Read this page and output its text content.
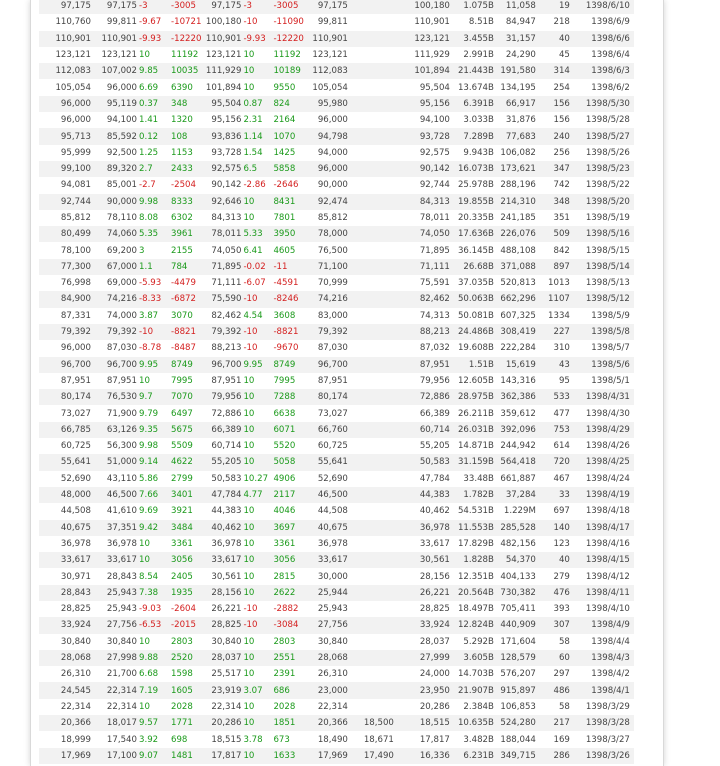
97,175	97,175	-3	-3005	97,175	-3	-3005	97,175		100,180	1.075B	11,058	19	1398/6/10
110,760	99,811	-9.67	-10721	100,180	-10	-11090	99,811		110,901	8.51B	84,947	218	1398/6/9
110,901	110,901	-9.93	-12220	110,901	-9.93	-12220	110,901		123,121	3.455B	31,157	40	1398/6/6
123,121	123,121	10	11192	123,121	10	11192	123,121		111,929	2.991B	24,290	45	1398/6/4
112,083	107,002	9.85	10035	111,929	10	10189	112,083		101,894	21.443B	191,580	314	1398/6/3
105,054	96,000	6.69	6390	101,894	10	9550	105,054		95,504	13.674B	134,195	254	1398/6/2
96,000	95,119	0.37	348	95,504	0.87	824	95,980		95,156	6.391B	66,917	156	1398/5/30
96,000	94,100	1.41	1320	95,156	2.31	2164	96,000		94,100	3.033B	31,876	156	1398/5/28
95,713	85,592	0.12	108	93,836	1.14	1070	94,798		93,728	7.289B	77,683	240	1398/5/27
95,999	92,500	1.25	1153	93,728	1.54	1425	94,000		92,575	9.943B	106,082	256	1398/5/26
99,100	89,320	2.7	2433	92,575	6.5	5858	96,000		90,142	16.073B	173,621	347	1398/5/23
94,081	85,001	-2.7	-2504	90,142	-2.86	-2646	90,000		92,744	25.978B	288,196	742	1398/5/22
92,744	90,000	9.98	8333	92,646	10	8431	92,474		84,313	19.855B	214,310	348	1398/5/20
85,812	78,110	8.08	6302	84,313	10	7801	85,812		78,011	20.335B	241,185	351	1398/5/19
80,499	74,060	5.35	3961	78,011	5.33	3950	78,000		74,050	17.636B	226,076	509	1398/5/16
78,100	69,200	3	2155	74,050	6.41	4605	76,500		71,895	36.145B	488,108	842	1398/5/15
77,300	67,000	1.1	784	71,895	-0.02	-11	71,100		71,111	26.68B	371,088	897	1398/5/14
76,998	69,000	-5.93	-4479	71,111	-6.07	-4591	70,999		75,591	37.035B	520,813	1013	1398/5/13
84,900	74,216	-8.33	-6872	75,590	-10	-8246	74,216		82,462	50.063B	662,296	1107	1398/5/12
87,331	74,000	3.87	3070	82,462	4.54	3608	83,000		74,313	50.081B	607,325	1334	1398/5/9
79,392	79,392	-10	-8821	79,392	-10	-8821	79,392		88,213	24.486B	308,419	227	1398/5/8
96,000	87,030	-8.78	-8487	88,213	-10	-9670	87,030		87,032	19.608B	222,284	310	1398/5/7
96,700	96,700	9.95	8749	96,700	9.95	8749	96,700		87,951	1.51B	15,619	43	1398/5/6
87,951	87,951	10	7995	87,951	10	7995	87,951		79,956	12.605B	143,316	95	1398/5/1
80,174	76,530	9.7	7070	79,956	10	7288	80,174		72,886	28.975B	362,386	533	1398/4/31
73,027	71,900	9.79	6497	72,886	10	6638	73,027		66,389	26.211B	359,612	477	1398/4/30
66,785	63,126	9.35	5675	66,389	10	6071	66,760		60,714	26.031B	392,096	753	1398/4/29
60,725	56,300	9.98	5509	60,714	10	5520	60,725		55,205	14.871B	244,942	614	1398/4/26
55,641	51,000	9.14	4622	55,205	10	5058	55,641		50,583	31.159B	564,418	720	1398/4/25
52,690	43,110	5.86	2799	50,583	10.27	4906	52,690		47,784	33.48B	661,887	467	1398/4/24
48,000	46,500	7.66	3401	47,784	4.77	2117	46,500		44,383	1.782B	37,284	33	1398/4/19
44,508	41,610	9.69	3921	44,383	10	4046	44,508		40,462	54.531B	1.229M	697	1398/4/18
40,675	37,351	9.42	3484	40,462	10	3697	40,675		36,978	11.553B	285,528	140	1398/4/17
36,978	36,978	10	3361	36,978	10	3361	36,978		33,617	17.829B	482,156	123	1398/4/16
33,617	33,617	10	3056	33,617	10	3056	33,617		30,561	1.828B	54,370	40	1398/4/15
30,971	28,843	8.54	2405	30,561	10	2815	30,000		28,156	12.351B	404,133	279	1398/4/12
28,843	25,943	7.38	1935	28,156	10	2622	25,944		26,221	20.564B	730,382	476	1398/4/11
28,825	25,943	-9.03	-2604	26,221	-10	-2882	25,943		28,825	18.497B	705,411	393	1398/4/10
33,924	27,756	-6.53	-2015	28,825	-10	-3084	27,756		33,924	12.824B	440,909	307	1398/4/9
30,840	30,840	10	2803	30,840	10	2803	30,840		28,037	5.292B	171,604	58	1398/4/4
28,068	27,998	9.88	2520	28,037	10	2551	28,068		27,999	3.605B	128,579	60	1398/4/3
26,310	21,700	6.68	1598	25,517	10	2391	26,310		24,000	14.703B	576,207	297	1398/4/2
24,545	22,314	7.19	1605	23,919	3.07	686	23,000		23,950	21.907B	915,897	486	1398/4/1
22,314	22,314	10	2028	22,314	10	2028	22,314		20,286	2.384B	106,853	58	1398/3/29
20,366	18,017	9.57	1771	20,286	10	1851	20,366	18,500	18,515	10.635B	524,280	217	1398/3/28
18,999	17,540	3.92	698	18,515	3.78	673	18,490	18,671	17,817	3.482B	188,044	169	1398/3/27
17,969	17,100	9.07	1481	17,817	10	1633	17,969	17,490	16,336	6.231B	349,715	286	1398/3/26
